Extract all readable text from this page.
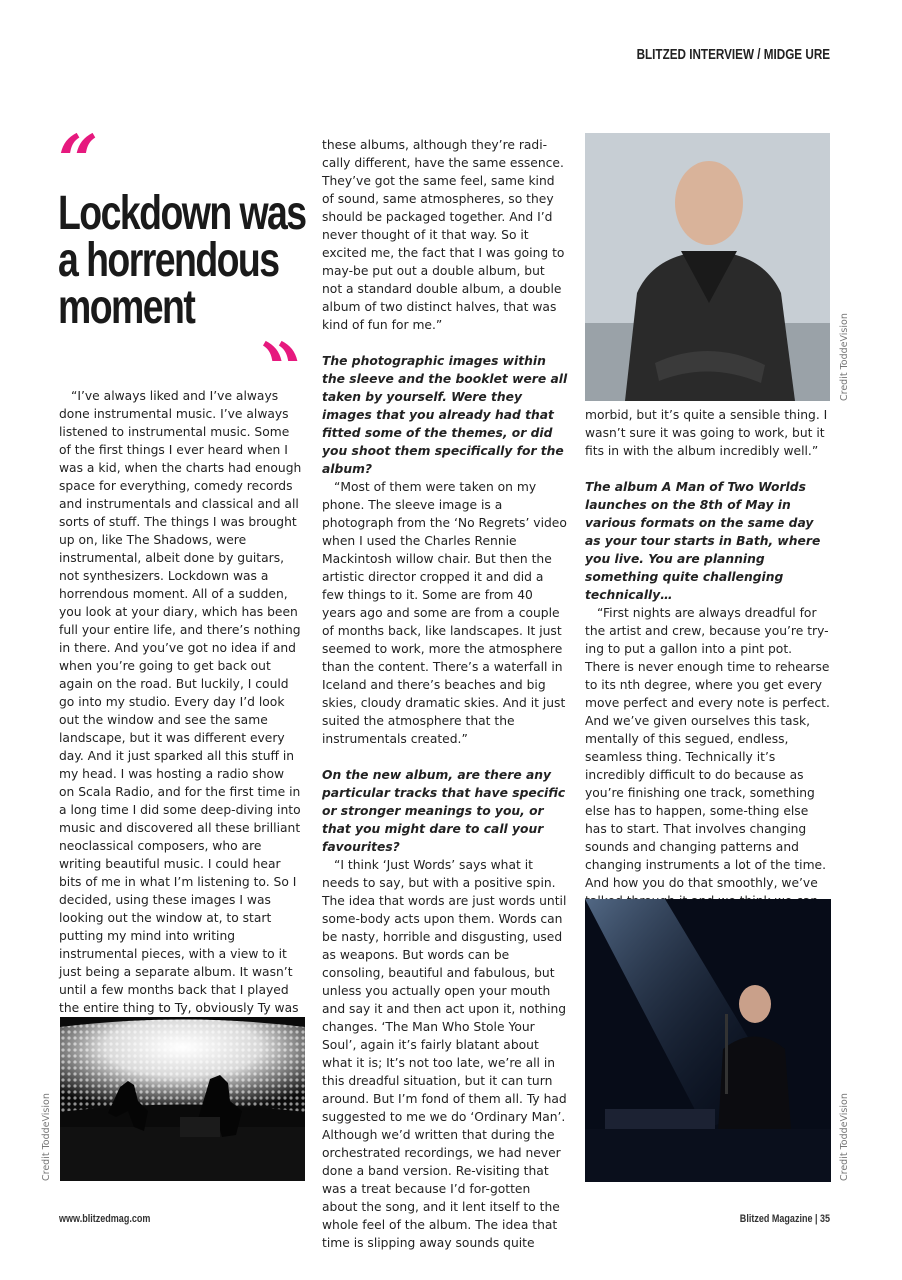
BLITZED INTERVIEW / MIDGE URE
“
Lockdown was a horrendous moment
“

“I’ve always liked and I’ve always done instrumental music. I’ve always listened to instrumental music. Some of the first things I ever heard when I was a kid, when the charts had enough space for everything, comedy records and instrumentals and classical and all sorts of stuff. The things I was brought up on, like The Shadows, were instrumental, albeit done by guitars, not synthesizers. Lockdown was a horrendous moment. All of a sudden, you look at your diary, which has been full your entire life, and there’s nothing in there. And you’ve got no idea if and when you’re going to get back out again on the road. But luckily, I could go into my studio. Every day I’d look out the window and see the same landscape, but it was different every day. And it just sparked all this stuff in my head. I was hosting a radio show on Scala Radio, and for the first time in a long time I did some deep-diving into music and discovered all these brilliant neoclassical composers, who are writing beautiful music. I could hear bits of me in what I’m listening to. So I decided, using these images I was looking out the window at, to start putting my mind into writing instrumental pieces, with a view to it just being a separate album. It wasn’t until a few months back that I played the entire thing to Ty, obviously Ty was

Credit ToddeVision

these albums, although they’re radi-cally different, have the same essence. They’ve got the same feel, same kind of sound, same atmospheres, so they should be packaged together. And I’d never thought of it that way. So it excited me, the fact that I was going to may-be put out a double album, but not a standard double album, a double album of two distinct halves, that was kind of fun for me.”

The photographic images within the sleeve and the booklet were all taken by yourself. Were they images that you already had that fitted some of the themes, or did you shoot them specifically for the album?

“Most of them were taken on my phone. The sleeve image is a photograph from the ‘No Regrets’ video when I used the Charles Rennie Mackintosh willow chair. But then the artistic director cropped it and did a few things to it. Some are from 40 years ago and some are from a couple of months back, like landscapes. It just seemed to work, more the atmosphere than the content. There’s a waterfall in Iceland and there’s beaches and big skies, cloudy dramatic skies. And it just suited the atmosphere that the instrumentals created.”

On the new album, are there any particular tracks that have specific or stronger meanings to you, or that you might dare to call your favourites?

“I think ‘Just Words’ says what it needs to say, but with a positive spin. The idea that words are just words until some-body acts upon them. Words can be nasty, horrible and disgusting, used as weapons. But words can be consoling, beautiful and fabulous, but unless you actually open your mouth and say it and then act upon it, nothing changes. ‘The Man Who Stole Your Soul’, again it’s fairly blatant about what it is; It’s not too late, we’re all in this dreadful situation, but it can turn around. But I’m fond of them all. Ty had suggested to me we do ‘Ordinary Man’. Although we’d written that during the orchestrated recordings, we had never done a band version. Re-visiting that was a treat because I’d for-gotten about the song, and it lent itself to the whole feel of the album. The idea that time is slipping away sounds quite

Credit ToddeVision

morbid, but it’s quite a sensible thing. I wasn’t sure it was going to work, but it fits in with the album incredibly well.”

The album A Man of Two Worlds launches on the 8th of May in various formats on the same day as your tour starts in Bath, where you live. You are planning something quite challenging technically…

“First nights are always dreadful for the artist and crew, because you’re try-ing to put a gallon into a pint pot. There is never enough time to rehearse to its nth degree, where you get every move perfect and every note is perfect. And we’ve given ourselves this task, mentally of this segued, endless, seamless thing. Technically it’s incredibly difficult to do because as you’re finishing one track, something else has to happen, some-thing else has to start. That involves changing sounds and changing patterns and changing instruments a lot of the time. And how you do that smoothly, we’ve

Credit ToddeVision
www.blitzedmag.com	Blitzed Magazine | 35
